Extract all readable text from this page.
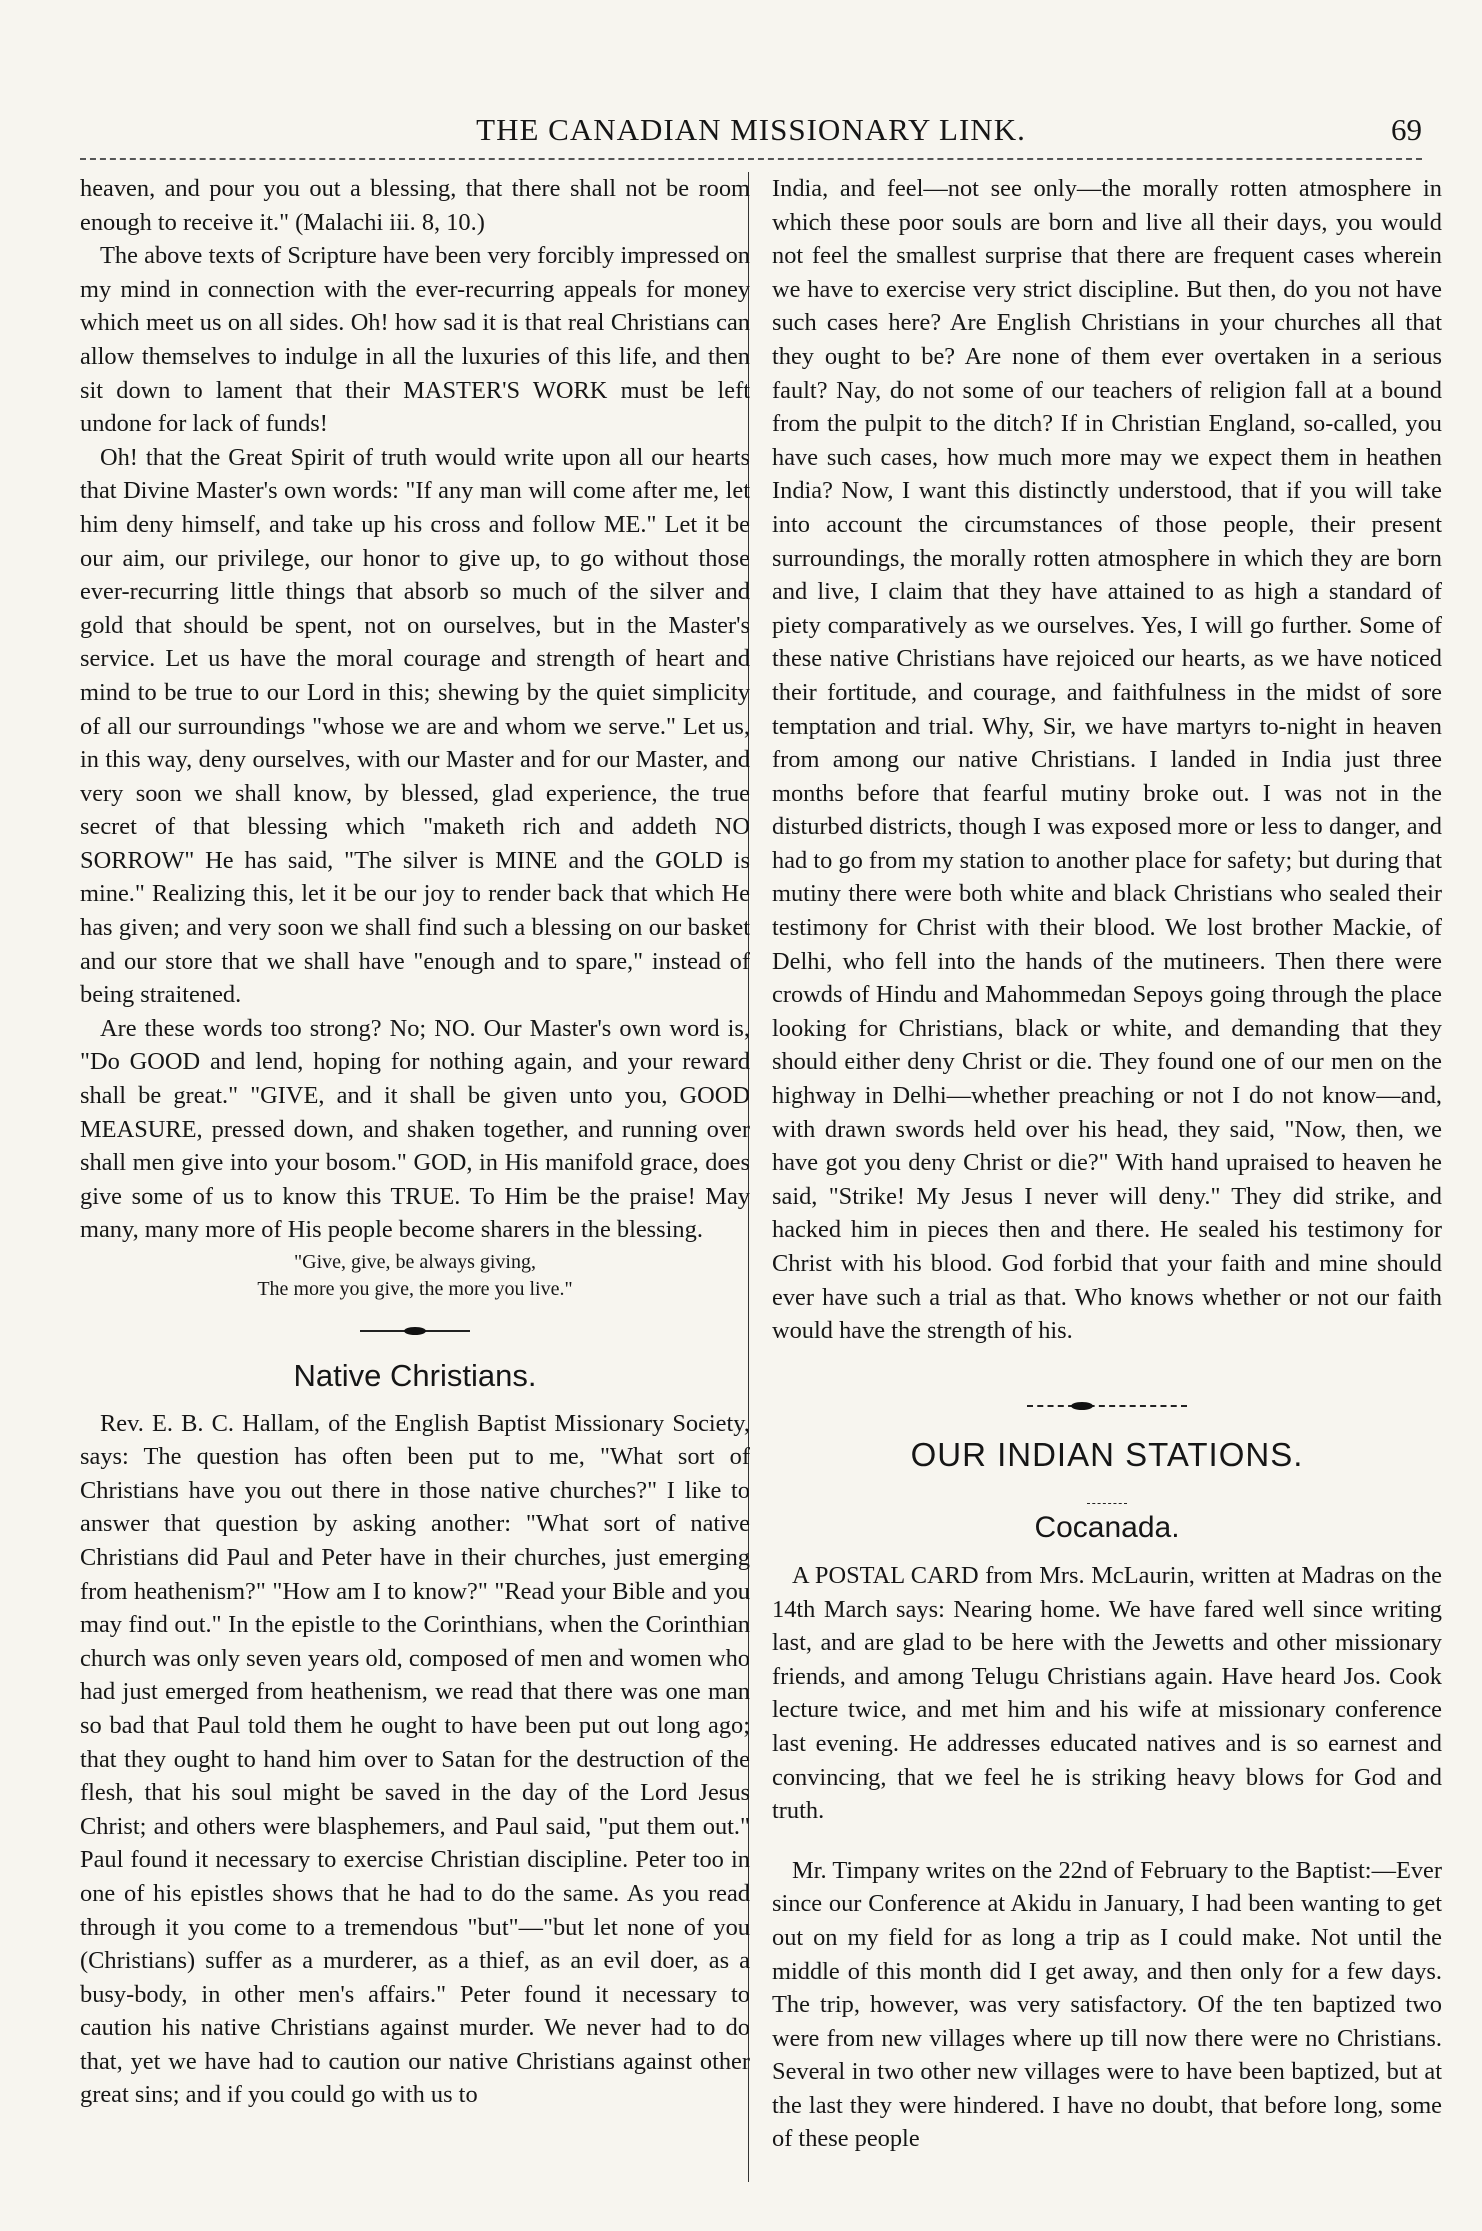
THE CANADIAN MISSIONARY LINK.	69

heaven, and pour you out a blessing, that there shall not be room enough to receive it." (Malachi iii. 8, 10.)

The above texts of Scripture have been very forcibly impressed on my mind in connection with the ever-recurring appeals for money which meet us on all sides. Oh! how sad it is that real Christians can allow themselves to indulge in all the luxuries of this life, and then sit down to lament that their MASTER'S WORK must be left undone for lack of funds!

Oh! that the Great Spirit of truth would write upon all our hearts that Divine Master's own words: "If any man will come after me, let him deny himself, and take up his cross and follow ME." Let it be our aim, our privilege, our honor to give up, to go without those ever-recurring little things that absorb so much of the silver and gold that should be spent, not on ourselves, but in the Master's service. Let us have the moral courage and strength of heart and mind to be true to our Lord in this; shewing by the quiet simplicity of all our surroundings "whose we are and whom we serve." Let us, in this way, deny ourselves, with our Master and for our Master, and very soon we shall know, by blessed, glad experience, the true secret of that blessing which "maketh rich and addeth NO SORROW" He has said, "The silver is MINE and the GOLD is mine." Realizing this, let it be our joy to render back that which He has given; and very soon we shall find such a blessing on our basket and our store that we shall have "enough and to spare," instead of being straitened.

Are these words too strong? No; NO. Our Master's own word is, "Do GOOD and lend, hoping for nothing again, and your reward shall be great." "GIVE, and it shall be given unto you, GOOD MEASURE, pressed down, and shaken together, and running over shall men give into your bosom." GOD, in His manifold grace, does give some of us to know this TRUE. To Him be the praise! May many, many more of His people become sharers in the blessing.

"Give, give, be always giving,
The more you give, the more you live."
Native Christians.

Rev. E. B. C. Hallam, of the English Baptist Missionary Society, says: The question has often been put to me, "What sort of Christians have you out there in those native churches?" I like to answer that question by asking another: "What sort of native Christians did Paul and Peter have in their churches, just emerging from heathenism?" "How am I to know?" "Read your Bible and you may find out." In the epistle to the Corinthians, when the Corinthian church was only seven years old, composed of men and women who had just emerged from heathenism, we read that there was one man so bad that Paul told them he ought to have been put out long ago; that they ought to hand him over to Satan for the destruction of the flesh, that his soul might be saved in the day of the Lord Jesus Christ; and others were blasphemers, and Paul said, "put them out." Paul found it necessary to exercise Christian discipline. Peter too in one of his epistles shows that he had to do the same. As you read through it you come to a tremendous "but"—"but let none of you (Christians) suffer as a murderer, as a thief, as an evil doer, as a busy-body, in other men's affairs." Peter found it necessary to caution his native Christians against murder. We never had to do that, yet we have had to caution our native Christians against other great sins; and if you could go with us to

India, and feel—not see only—the morally rotten atmosphere in which these poor souls are born and live all their days, you would not feel the smallest surprise that there are frequent cases wherein we have to exercise very strict discipline. But then, do you not have such cases here? Are English Christians in your churches all that they ought to be? Are none of them ever overtaken in a serious fault? Nay, do not some of our teachers of religion fall at a bound from the pulpit to the ditch? If in Christian England, so-called, you have such cases, how much more may we expect them in heathen India? Now, I want this distinctly understood, that if you will take into account the circumstances of those people, their present surroundings, the morally rotten atmosphere in which they are born and live, I claim that they have attained to as high a standard of piety comparatively as we ourselves. Yes, I will go further. Some of these native Christians have rejoiced our hearts, as we have noticed their fortitude, and courage, and faithfulness in the midst of sore temptation and trial. Why, Sir, we have martyrs to-night in heaven from among our native Christians. I landed in India just three months before that fearful mutiny broke out. I was not in the disturbed districts, though I was exposed more or less to danger, and had to go from my station to another place for safety; but during that mutiny there were both white and black Christians who sealed their testimony for Christ with their blood. We lost brother Mackie, of Delhi, who fell into the hands of the mutineers. Then there were crowds of Hindu and Mahommedan Sepoys going through the place looking for Christians, black or white, and demanding that they should either deny Christ or die. They found one of our men on the highway in Delhi—whether preaching or not I do not know—and, with drawn swords held over his head, they said, "Now, then, we have got you deny Christ or die?" With hand upraised to heaven he said, "Strike! My Jesus I never will deny." They did strike, and hacked him in pieces then and there. He sealed his testimony for Christ with his blood. God forbid that your faith and mine should ever have such a trial as that. Who knows whether or not our faith would have the strength of his.

OUR INDIAN STATIONS.
Cocanada.

A POSTAL CARD from Mrs. McLaurin, written at Madras on the 14th March says: Nearing home. We have fared well since writing last, and are glad to be here with the Jewetts and other missionary friends, and among Telugu Christians again. Have heard Jos. Cook lecture twice, and met him and his wife at missionary conference last evening. He addresses educated natives and is so earnest and convincing, that we feel he is striking heavy blows for God and truth.

Mr. Timpany writes on the 22nd of February to the Baptist:—Ever since our Conference at Akidu in January, I had been wanting to get out on my field for as long a trip as I could make. Not until the middle of this month did I get away, and then only for a few days. The trip, however, was very satisfactory. Of the ten baptized two were from new villages where up till now there were no Christians. Several in two other new villages were to have been baptized, but at the last they were hindered. I have no doubt, that before long, some of these people
